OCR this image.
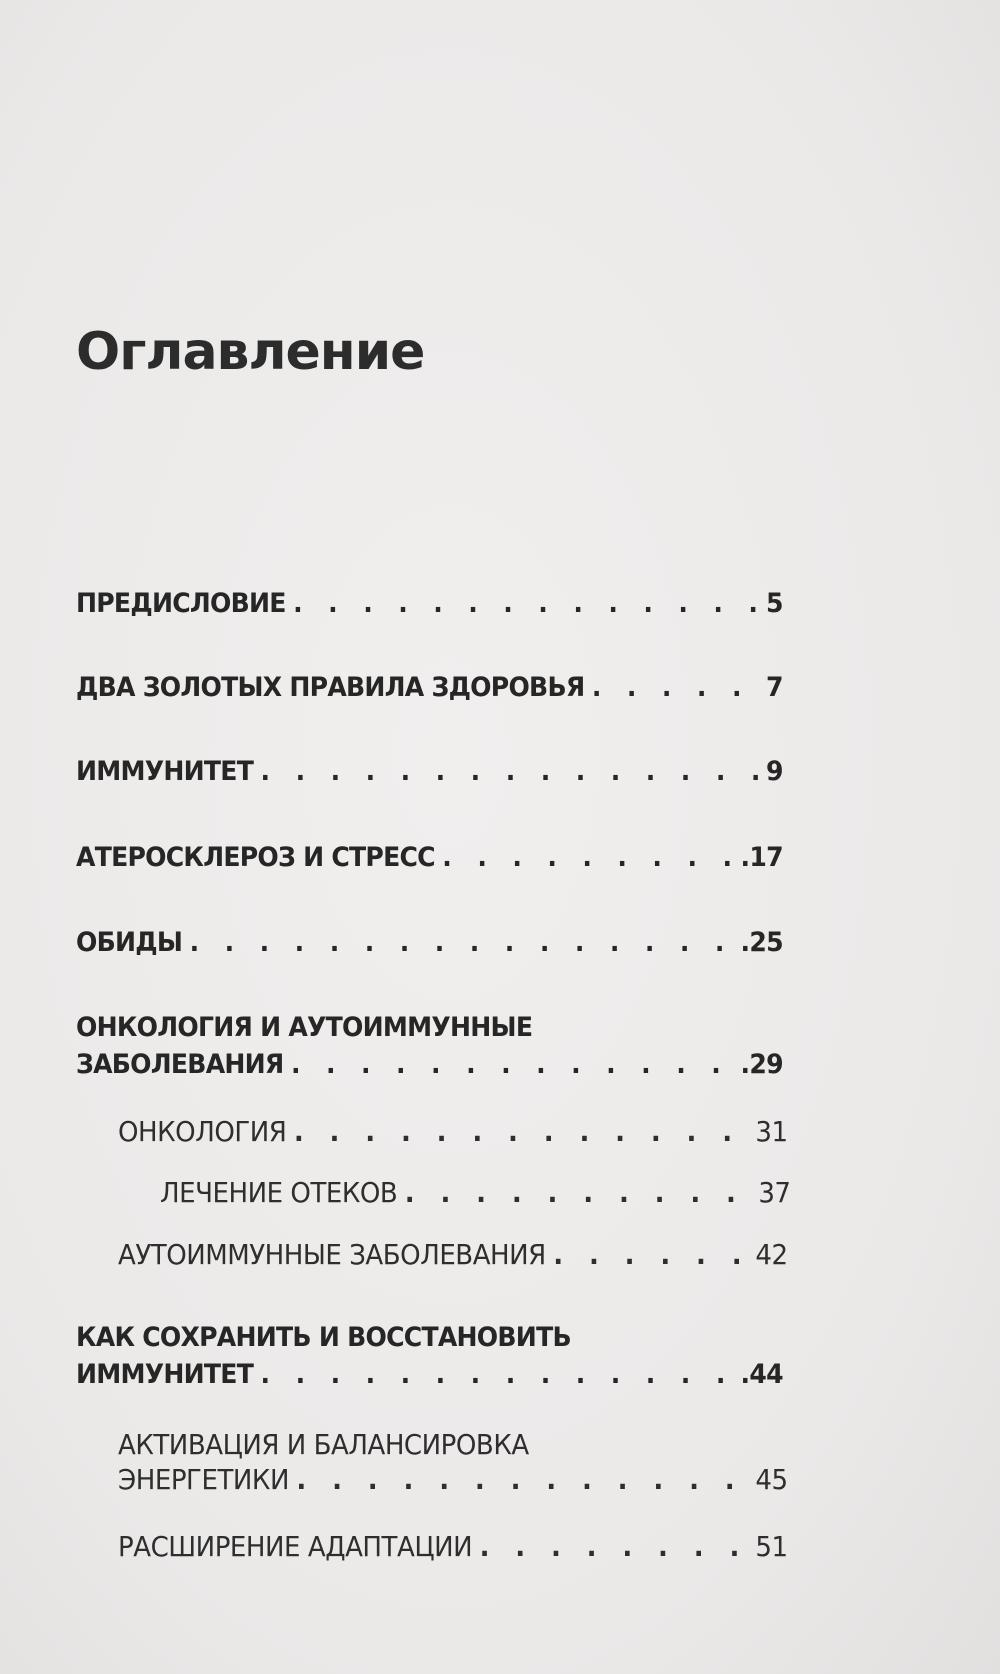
Оглавление
ПРЕДИСЛОВИЕ . . .	5
ДВА ЗОЛОТЫХ ПРАВИЛА ЗДОРОВЬЯ . . .	7
ИММУНИТЕТ . . .	9
АТЕРОСКЛЕРОЗ И СТРЕСС . . .	.17
ОБИДЫ . . .	.25
ОНКОЛОГИЯ И АУТОИММУННЫЕ
ЗАБОЛЕВАНИЯ . . .	.29
ОНКОЛОГИЯ . . .	31
ЛЕЧЕНИЕ ОТЕКОВ . . .	37
АУТОИММУННЫЕ ЗАБОЛЕВАНИЯ . . .	42
КАК СОХРАНИТЬ И ВОССТАНОВИТЬ
ИММУНИТЕТ . . .	.44
АКТИВАЦИЯ И БАЛАНСИРОВКА
ЭНЕРГЕТИКИ . . .	45
РАСШИРЕНИЕ АДАПТАЦИИ . . .	51
